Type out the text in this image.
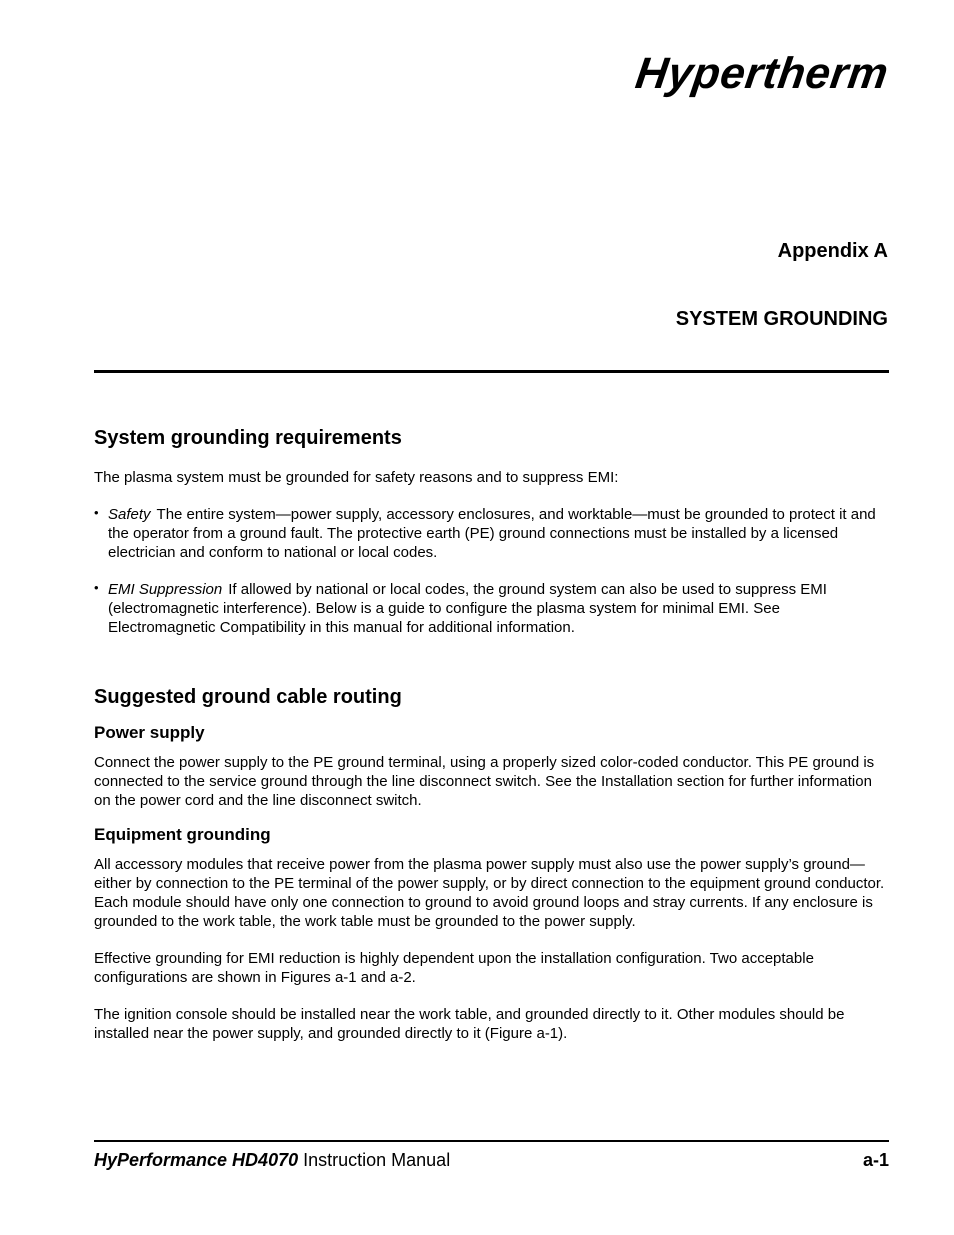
Hypertherm
Appendix A
SYSTEM GROUNDING
System grounding requirements

The plasma system must be grounded for safety reasons and to suppress EMI:

• Safety The entire system—power supply, accessory enclosures, and worktable—must be grounded to protect it and the operator from a ground fault. The protective earth (PE) ground connections must be installed by a licensed electrician and conform to national or local codes.

• EMI Suppression If allowed by national or local codes, the ground system can also be used to suppress EMI (electromagnetic interference). Below is a guide to configure the plasma system for minimal EMI. See Electromagnetic Compatibility in this manual for additional information.

Suggested ground cable routing
Power supply

Connect the power supply to the PE ground terminal, using a properly sized color-coded conductor. This PE ground is connected to the service ground through the line disconnect switch. See the Installation section for further information on the power cord and the line disconnect switch.

Equipment grounding

All accessory modules that receive power from the plasma power supply must also use the power supply’s ground—either by connection to the PE terminal of the power supply, or by direct connection to the equipment ground conductor. Each module should have only one connection to ground to avoid ground loops and stray currents. If any enclosure is grounded to the work table, the work table must be grounded to the power supply.

Effective grounding for EMI reduction is highly dependent upon the installation configuration. Two acceptable configurations are shown in Figures a-1 and a-2.

The ignition console should be installed near the work table, and grounded directly to it. Other modules should be installed near the power supply, and grounded directly to it (Figure a-1).

HyPerformance HD4070 Instruction Manual	a-1
